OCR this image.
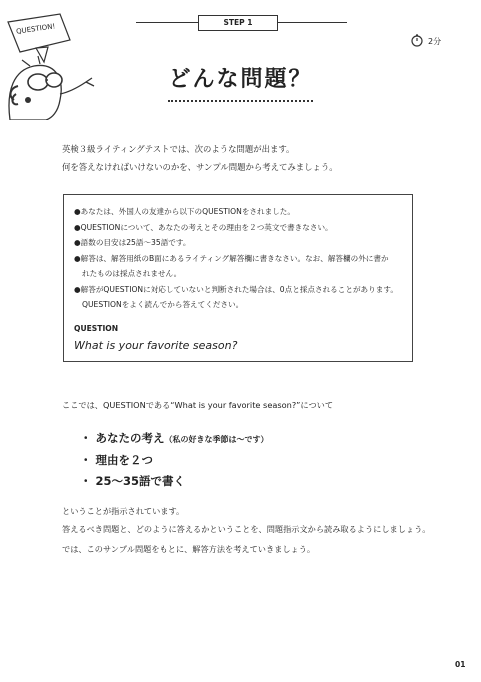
QUESTION!	STEP 1
2分
どんな問題？
英検３級ライティングテストでは、次のような問題が出ます。
何を答えなければいけないのかを、サンプル問題から考えてみましょう。
●あなたは、外国人の友達から以下のQUESTIONをされました。
●QUESTIONについて、あなたの考えとその理由を２つ英文で書きなさい。
●語数の目安は25語～35語です。
●解答は、解答用紙のB面にあるライティング解答欄に書きなさい。なお、解答欄の外に書か
れたものは採点されません。
●解答がQUESTIONに対応していないと判断された場合は、0点と採点されることがあります。
QUESTIONをよく読んでから答えてください。
QUESTION
What is your favorite season?
ここでは、QUESTIONである“What is your favorite season?”について
・ あなたの考え（私の好きな季節は～です）
・ 理由を２つ
・ 25～35語で書く
ということが指示されています。
答えるべき問題と、どのように答えるかということを、問題指示文から読み取るようにしましょう。
では、このサンプル問題をもとに、解答方法を考えていきましょう。
01
